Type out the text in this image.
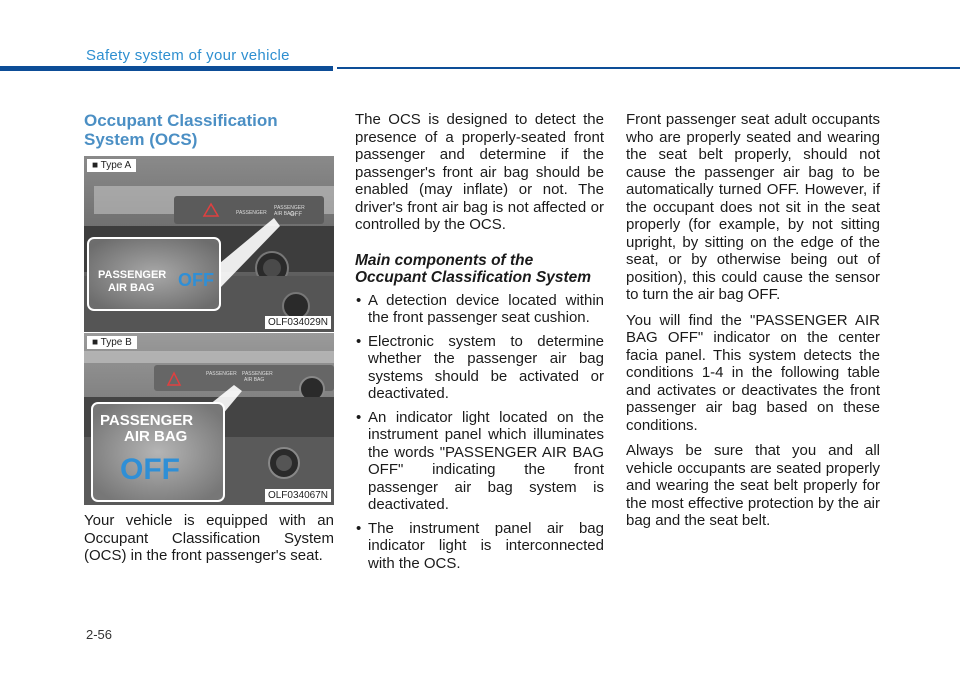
Safety system of your vehicle
Occupant Classification System (OCS)
■ Type A
PASSENGER
PASSENGER
AIR BAG
OFF
PASSENGER
AIR BAG OFF
OLF034029N
■ Type B
PASSENGER PASSENGER
AIR BAG
PASSENGER
AIR BAG
OFF
OLF034067N
Your vehicle is equipped with an Occupant Classification System (OCS) in the front passenger's seat.

The OCS is designed to detect the presence of a properly-seated front passenger and determine if the passenger's front air bag should be enabled (may inflate) or not. The driver's front air bag is not affected or controlled by the OCS.

Main components of the Occupant Classification System
• A detection device located within the front passenger seat cushion.
• Electronic system to determine whether the passenger air bag systems should be activated or deactivated.
• An indicator light located on the instrument panel which illuminates the words "PASSENGER AIR BAG OFF" indicating the front passenger air bag system is deactivated.
• The instrument panel air bag indicator light is interconnected with the OCS.

Front passenger seat adult occupants who are properly seated and wearing the seat belt properly, should not cause the passenger air bag to be automatically turned OFF. However, if the occupant does not sit in the seat properly (for example, by not sitting upright, by sitting on the edge of the seat, or by otherwise being out of position), this could cause the sensor to turn the air bag OFF.

You will find the "PASSENGER AIR BAG OFF" indicator on the center facia panel. This system detects the conditions 1-4 in the following table and activates or deactivates the front passenger air bag based on these conditions.

Always be sure that you and all vehicle occupants are seated properly and wearing the seat belt properly for the most effective protection by the air bag and the seat belt.

2-56
